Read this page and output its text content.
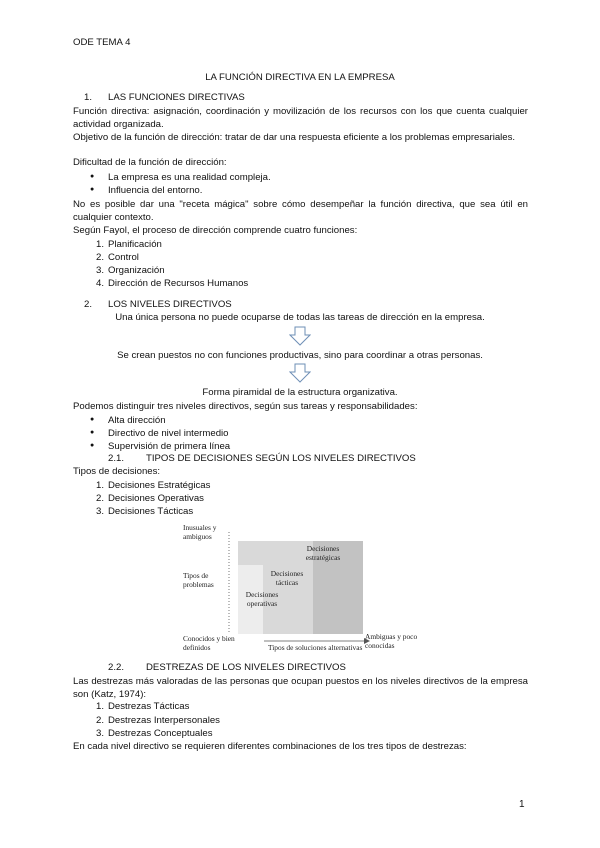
ODE TEMA 4
LA FUNCIÓN DIRECTIVA EN LA EMPRESA
1. LAS FUNCIONES DIRECTIVAS
Función directiva: asignación, coordinación y movilización de los recursos con los que cuenta cualquier actividad organizada.
Objetivo de la función de dirección: tratar de dar una respuesta eficiente a los problemas empresariales.
Dificultad de la función de dirección:
● La empresa es una realidad compleja.
● Influencia del entorno.
No es posible dar una "receta mágica" sobre cómo desempeñar la función directiva, que sea útil en cualquier contexto.
Según Fayol, el proceso de dirección comprende cuatro funciones:
1. Planificación
2. Control
3. Organización
4. Dirección de Recursos Humanos
2. LOS NIVELES DIRECTIVOS
Una única persona no puede ocuparse de todas las tareas de dirección en la empresa.
Se crean puestos no con funciones productivas, sino para coordinar a otras personas.
Forma piramidal de la estructura organizativa.
Podemos distinguir tres niveles directivos, según sus tareas y responsabilidades:
● Alta dirección
● Directivo de nivel intermedio
● Supervisión de primera línea
2.1. TIPOS DE DECISIONES SEGÚN LOS NIVELES DIRECTIVOS
Tipos de decisiones:
1. Decisiones Estratégicas
2. Decisiones Operativas
3. Decisiones Tácticas
Inusuales y ambiguos
Tipos de problemas
Conocidos y bien definidos	Tipos de soluciones alternativas
Ambiguas y poco conocidas
Decisiones estratégicas
Decisiones tácticas
Decisiones operativas
2.2. DESTREZAS DE LOS NIVELES DIRECTIVOS
Las destrezas más valoradas de las personas que ocupan puestos en los niveles directivos de la empresa son (Katz, 1974):
1. Destrezas Tácticas
2. Destrezas Interpersonales
3. Destrezas Conceptuales
En cada nivel directivo se requieren diferentes combinaciones de los tres tipos de destrezas:
1
